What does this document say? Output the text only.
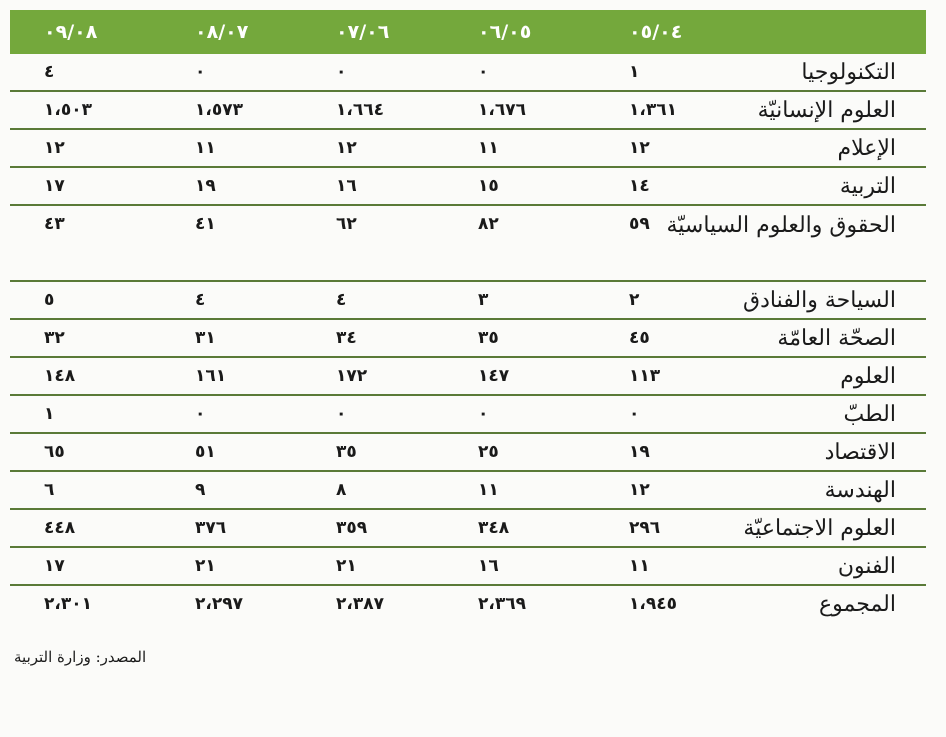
٠٥/٠٤
٠٦/٠٥
٠٧/٠٦
٠٨/٠٧
٠٩/٠٨
التكنولوجيا
١
٠
٠
٠
٤
العلوم الإنسانيّة
١،٣٦١
١،٦٧٦
١،٦٦٤
١،٥٧٣
١،٥٠٣
الإعلام
١٢
١١
١٢
١١
١٢
التربية
١٤
١٥
١٦
١٩
١٧
الحقوق والعلوم السياسيّة
٥٩
٨٢
٦٢
٤١
٤٣
السياحة والفنادق
٢
٣
٤
٤
٥
الصحّة العامّة
٤٥
٣٥
٣٤
٣١
٣٢
العلوم
١١٣
١٤٧
١٧٢
١٦١
١٤٨
الطبّ
٠
٠
٠
٠
١
الاقتصاد
١٩
٢٥
٣٥
٥١
٦٥
الهندسة
١٢
١١
٨
٩
٦
العلوم الاجتماعيّة
٢٩٦
٣٤٨
٣٥٩
٣٧٦
٤٤٨
الفنون
١١
١٦
٢١
٢١
١٧
المجموع
١،٩٤٥
٢،٣٦٩
٢،٣٨٧
٢،٢٩٧
٢،٣٠١
المصدر: وزارة التربية
